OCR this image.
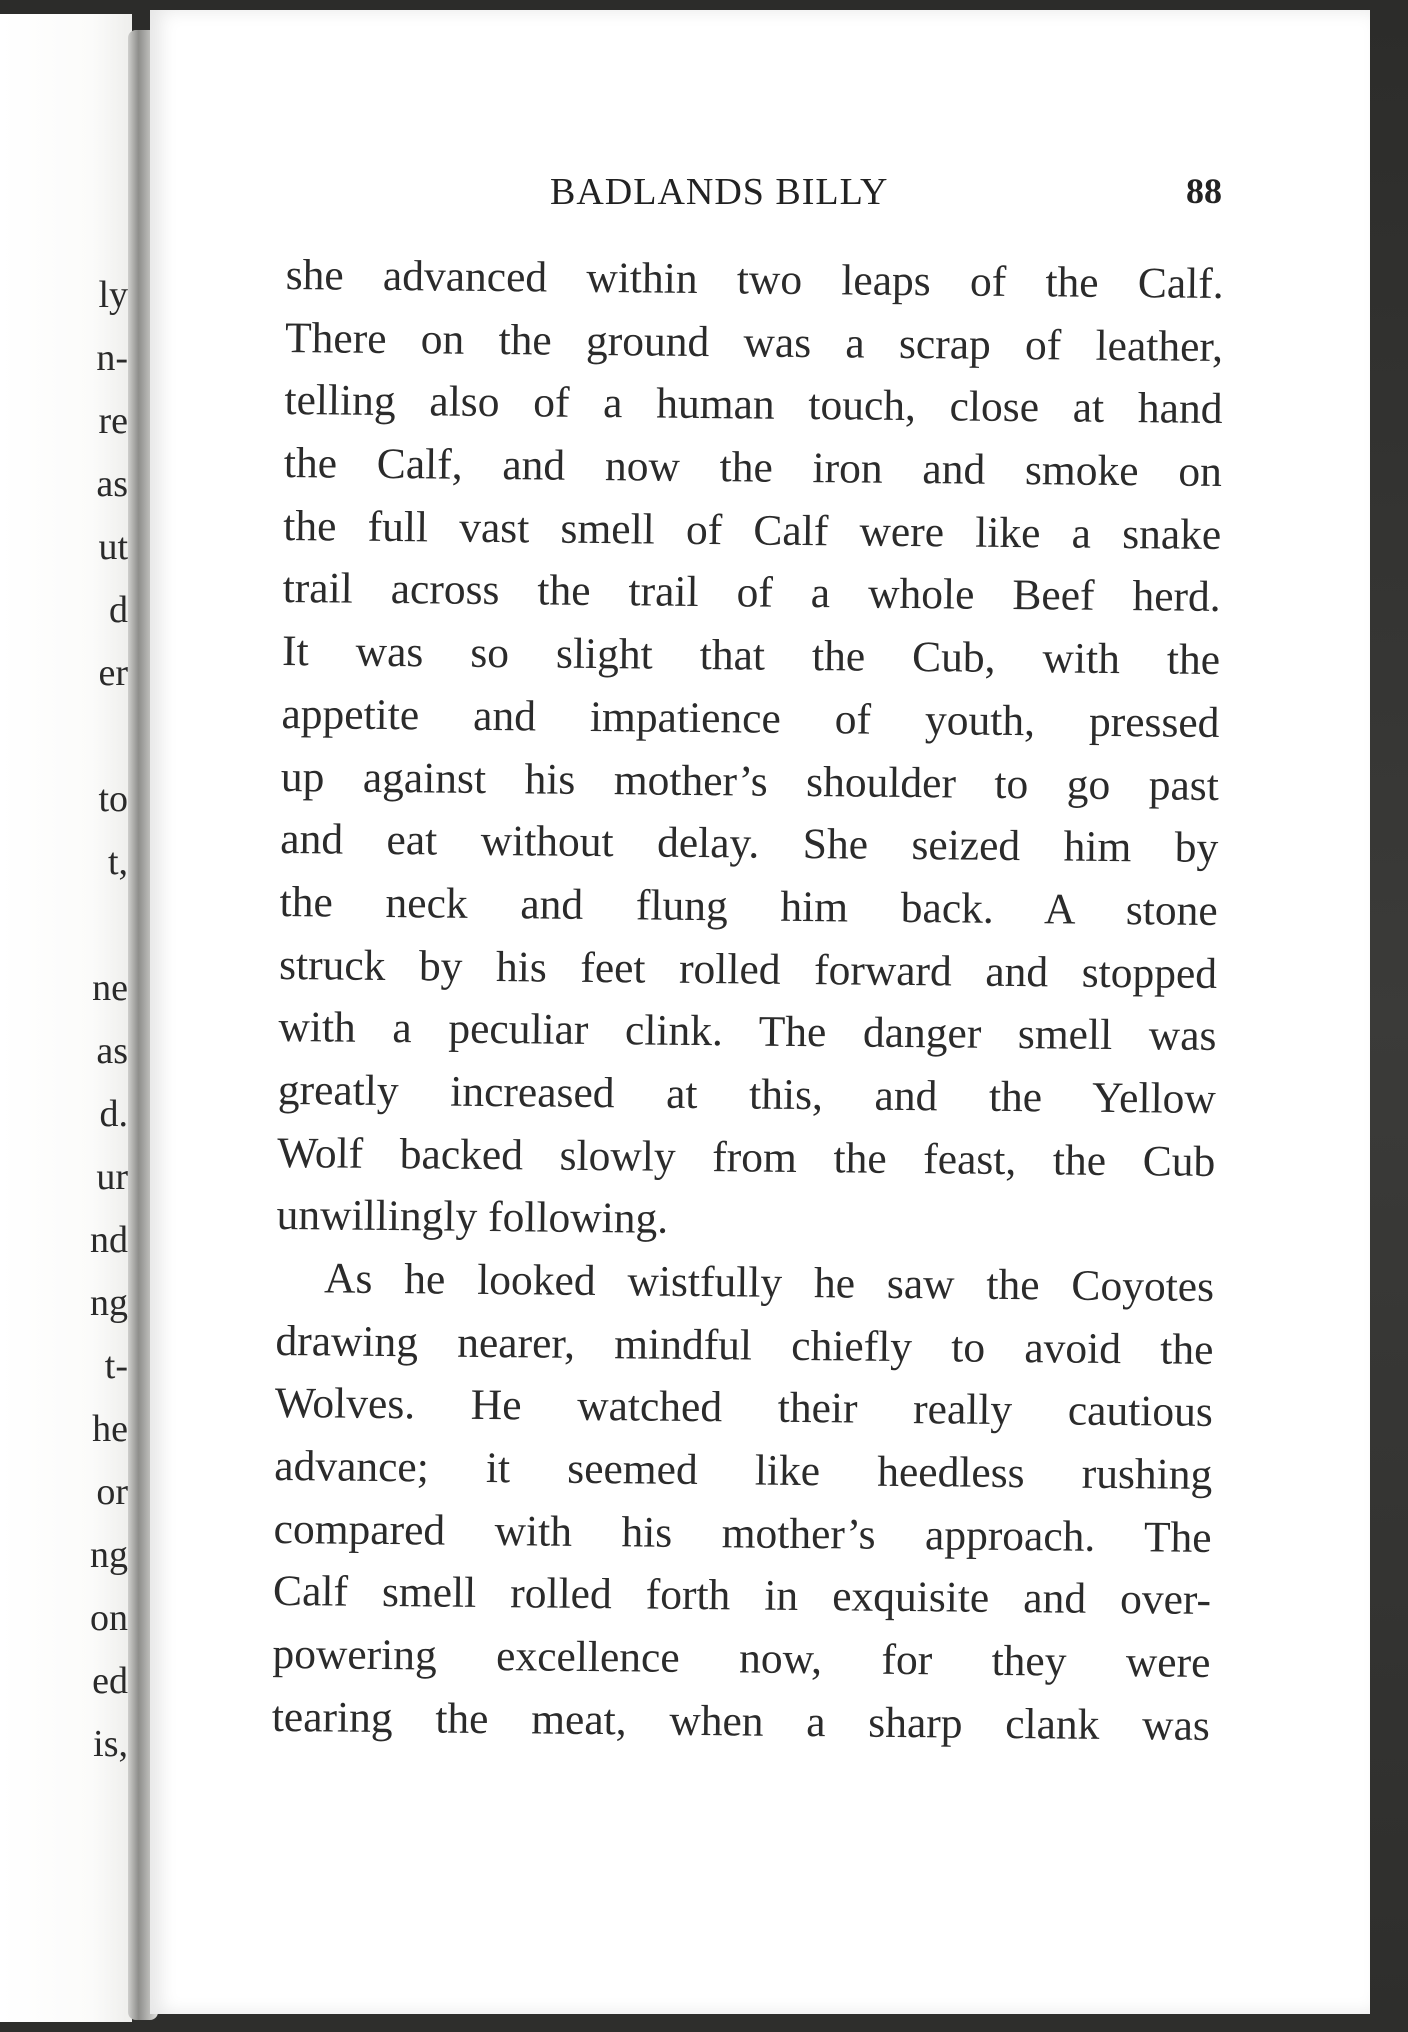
ly
n-
re
as
ut
d
er
to
t,
ne
as
d.
ur
nd
ng
t-
he
or
ng
on
ed
is,
BADLANDS BILLY	88
she advanced within two leaps of the Calf.
There on the ground was a scrap of leather,
telling also of a human touch, close at hand
the Calf, and now the iron and smoke on
the full vast smell of Calf were like a snake
trail across the trail of a whole Beef herd.
It was so slight that the Cub, with the
appetite and impatience of youth, pressed
up against his mother’s shoulder to go past
and eat without delay. She seized him by
the neck and flung him back. A stone
struck by his feet rolled forward and stopped
with a peculiar clink. The danger smell was
greatly increased at this, and the Yellow
Wolf backed slowly from the feast, the Cub
unwillingly following.
As he looked wistfully he saw the Coyotes
drawing nearer, mindful chiefly to avoid the
Wolves. He watched their really cautious
advance; it seemed like heedless rushing
compared with his mother’s approach. The
Calf smell rolled forth in exquisite and over-
powering excellence now, for they were
tearing the meat, when a sharp clank was
